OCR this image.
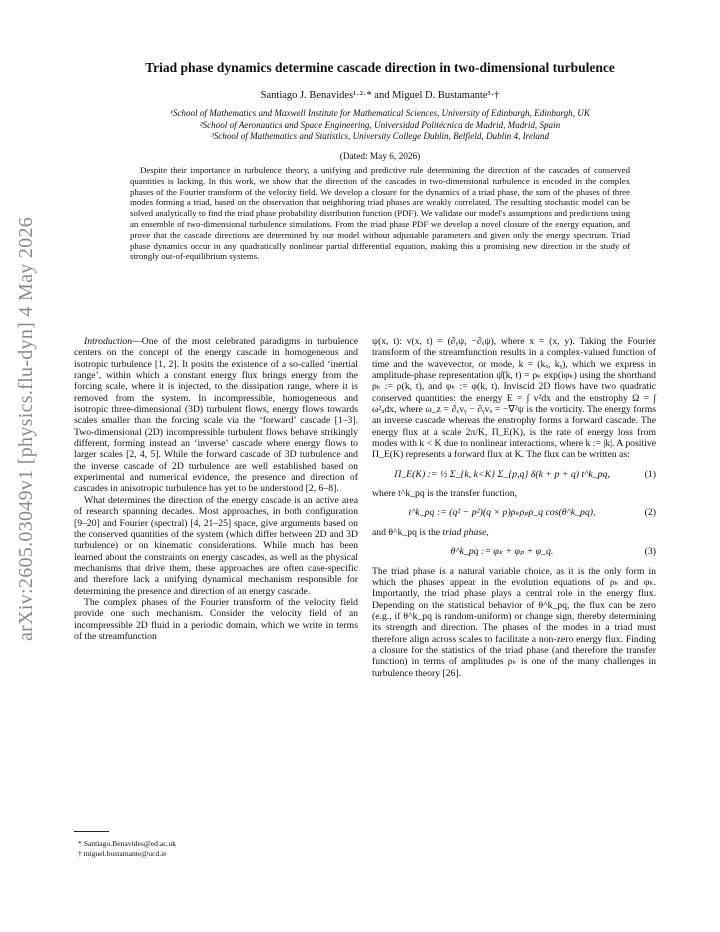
arXiv:2605.03049v1 [physics.flu-dyn] 4 May 2026
Triad phase dynamics determine cascade direction in two-dimensional turbulence
Santiago J. Benavides¹·²·* and Miguel D. Bustamante³·†
¹School of Mathematics and Maxwell Institute for Mathematical Sciences, University of Edinburgh, Edinburgh, UK
²School of Aeronautics and Space Engineering, Universidad Politécnica de Madrid, Madrid, Spain
³School of Mathematics and Statistics, University College Dublin, Belfield, Dublin 4, Ireland
(Dated: May 6, 2026)
Despite their importance in turbulence theory, a unifying and predictive rule determining the direction of the cascades of conserved quantities is lacking. In this work, we show that the direction of the cascades in two-dimensional turbulence is encoded in the complex phases of the Fourier transform of the velocity field. We develop a closure for the dynamics of a triad phase, the sum of the phases of three modes forming a triad, based on the observation that neighboring triad phases are weakly correlated. The resulting stochastic model can be solved analytically to find the triad phase probability distribution function (PDF). We validate our model's assumptions and predictions using an ensemble of two-dimensional turbulence simulations. From the triad phase PDF we develop a novel closure of the energy equation, and prove that the cascade directions are determined by our model without adjustable parameters and given only the energy spectrum. Triad phase dynamics occur in any quadratically nonlinear partial differential equation, making this a promising new direction in the study of strongly out-of-equilibrium systems.

Introduction—One of the most celebrated paradigms in turbulence centers on the concept of the energy cascade in homogeneous and isotropic turbulence [1, 2]. It posits the existence of a so-called ‘inertial range’, within which a constant energy flux brings energy from the forcing scale, where it is injected, to the dissipation range, where it is removed from the system. In incompressible, homogeneous and isotropic three-dimensional (3D) turbulent flows, energy flows towards scales smaller than the forcing scale via the ‘forward’ cascade [1–3]. Two-dimensional (2D) incompressible turbulent flows behave strikingly different, forming instead an ‘inverse’ cascade where energy flows to larger scales [2, 4, 5]. While the forward cascade of 3D turbulence and the inverse cascade of 2D turbulence are well established based on experimental and numerical evidence, the presence and direction of cascades in anisotropic turbulence has yet to be understood [2, 6–8].

What determines the direction of the energy cascade is an active area of research spanning decades. Most approaches, in both configuration [9–20] and Fourier (spectral) [4, 21–25] space, give arguments based on the conserved quantities of the system (which differ between 2D and 3D turbulence) or on kinematic considerations. While much has been learned about the constraints on energy cascades, as well as the physical mechanisms that drive them, these approaches are often case-specific and therefore lack a unifying dynamical mechanism responsible for determining the presence and direction of an energy cascade.

The complex phases of the Fourier transform of the velocity field provide one such mechanism. Consider the velocity field of an incompressible 2D fluid in a periodic domain, which we write in terms of the streamfunction

ψ(x, t): v(x, t) = (∂ᵧψ, −∂ₓψ), where x = (x, y). Taking the Fourier transform of the streamfunction results in a complex-valued function of time and the wavevector, or mode, k = (kₓ, kᵧ), which we express in amplitude-phase representation ψ̂(k, t) = ρₖ exp(iφₖ) using the shorthand ρₖ := ρ(k, t), and φₖ := φ(k, t). Inviscid 2D flows have two quadratic conserved quantities: the energy E = ∫ v²dx and the enstrophy Ω = ∫ ω²ᵤdx, where ω_z = ∂ₓvᵧ − ∂ᵧvₓ = −∇²ψ is the vorticity. The energy forms an inverse cascade whereas the enstrophy forms a forward cascade. The energy flux at a scale 2π/K, Π_E(K), is the rate of energy loss from modes with k < K due to nonlinear interactions, where k := |k|. A positive Π_E(K) represents a forward flux at K. The flux can be written as:

Π_E(K) := ½ Σ_{k, k<K} Σ_{p,q} δ(k + p + q) t^k_pq,	(1)

where t^k_pq is the transfer function,

t^k_pq := (q² − p²)(q × p)ρₖρₚρ_q cos(θ^k_pq),	(2)

and θ^k_pq is the triad phase,

θ^k_pq := φₖ + φₚ + φ_q.	(3)

The triad phase is a natural variable choice, as it is the only form in which the phases appear in the evolution equations of ρₖ and φₖ. Importantly, the triad phase plays a central role in the energy flux. Depending on the statistical behavior of θ^k_pq, the flux can be zero (e.g., if θ^k_pq is random-uniform) or change sign, thereby determining its strength and direction. The phases of the modes in a triad must therefore align across scales to facilitate a non-zero energy flux. Finding a closure for the statistics of the triad phase (and therefore the transfer function) in terms of amplitudes ρₖ is one of the many challenges in turbulence theory [26].

* Santiago.Benavides@ed.ac.uk
† miguel.bustamante@ucd.ie
